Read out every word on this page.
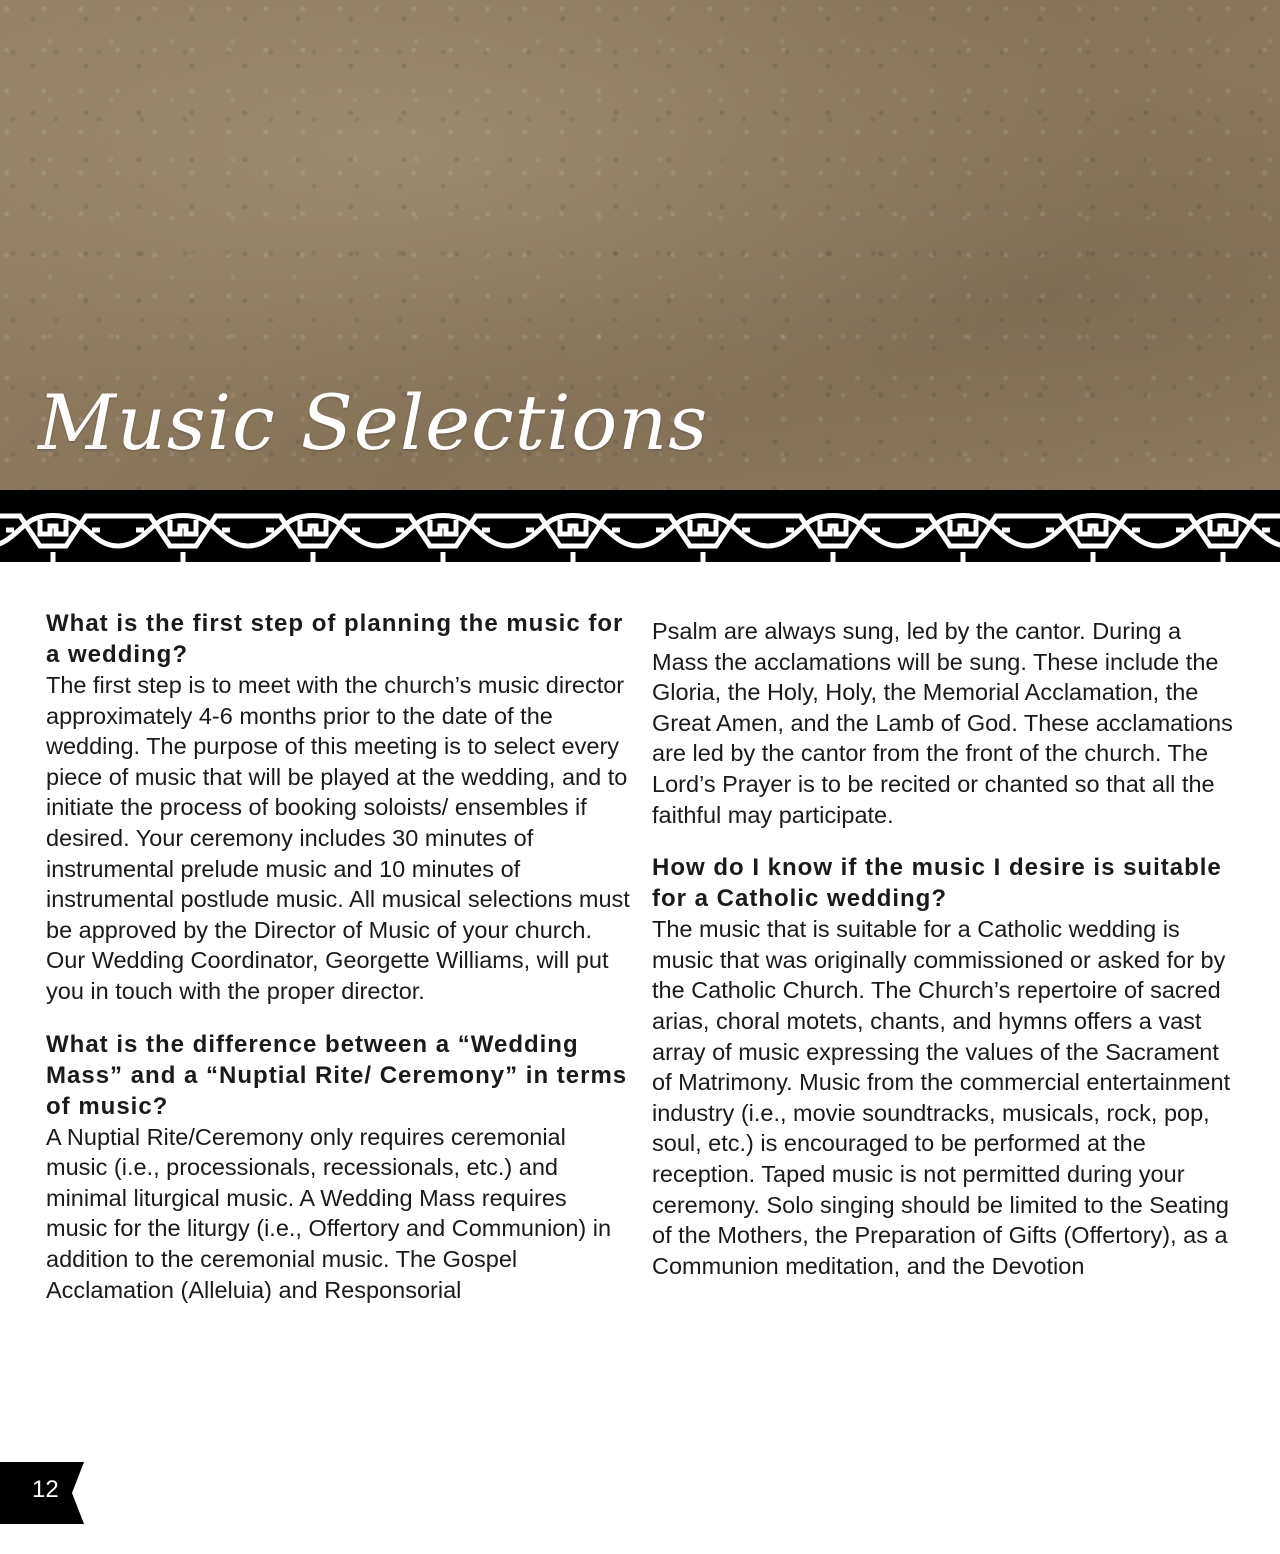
Music Selections

What is the first step of planning the music for a wedding?

The first step is to meet with the church’s music director approximately 4-6 months prior to the date of the wedding. The purpose of this meeting is to select every piece of music that will be played at the wedding, and to initiate the process of booking soloists/ ensembles if desired. Your ceremony includes 30 minutes of instrumental prelude music and 10 minutes of instrumental postlude music. All musical selections must be approved by the Director of Music of your church. Our Wedding Coordinator, Georgette Williams, will put you in touch with the proper director.

What is the difference between a “Wedding Mass” and a “Nuptial Rite/ Ceremony” in terms of music?

A Nuptial Rite/Ceremony only requires ceremonial music (i.e., processionals, recessionals, etc.) and minimal liturgical music. A Wedding Mass requires music for the liturgy (i.e., Offertory and Communion) in addition to the ceremonial music. The Gospel Acclamation (Alleluia) and Responsorial

Psalm are always sung, led by the cantor. During a Mass the acclamations will be sung. These include the Gloria, the Holy, Holy, the Memorial Acclamation, the Great Amen, and the Lamb of God. These acclamations are led by the cantor from the front of the church. The Lord’s Prayer is to be recited or chanted so that all the faithful may participate.

How do I know if the music I desire is suitable for a Catholic wedding?

The music that is suitable for a Catholic wedding is music that was originally commissioned or asked for by the Catholic Church. The Church’s repertoire of sacred arias, choral motets, chants, and hymns offers a vast array of music expressing the values of the Sacrament of Matrimony. Music from the commercial entertainment industry (i.e., movie soundtracks, musicals, rock, pop, soul, etc.) is encouraged to be performed at the reception. Taped music is not permitted during your ceremony. Solo singing should be limited to the Seating of the Mothers, the Preparation of Gifts (Offertory), as a Communion meditation, and the Devotion

12
